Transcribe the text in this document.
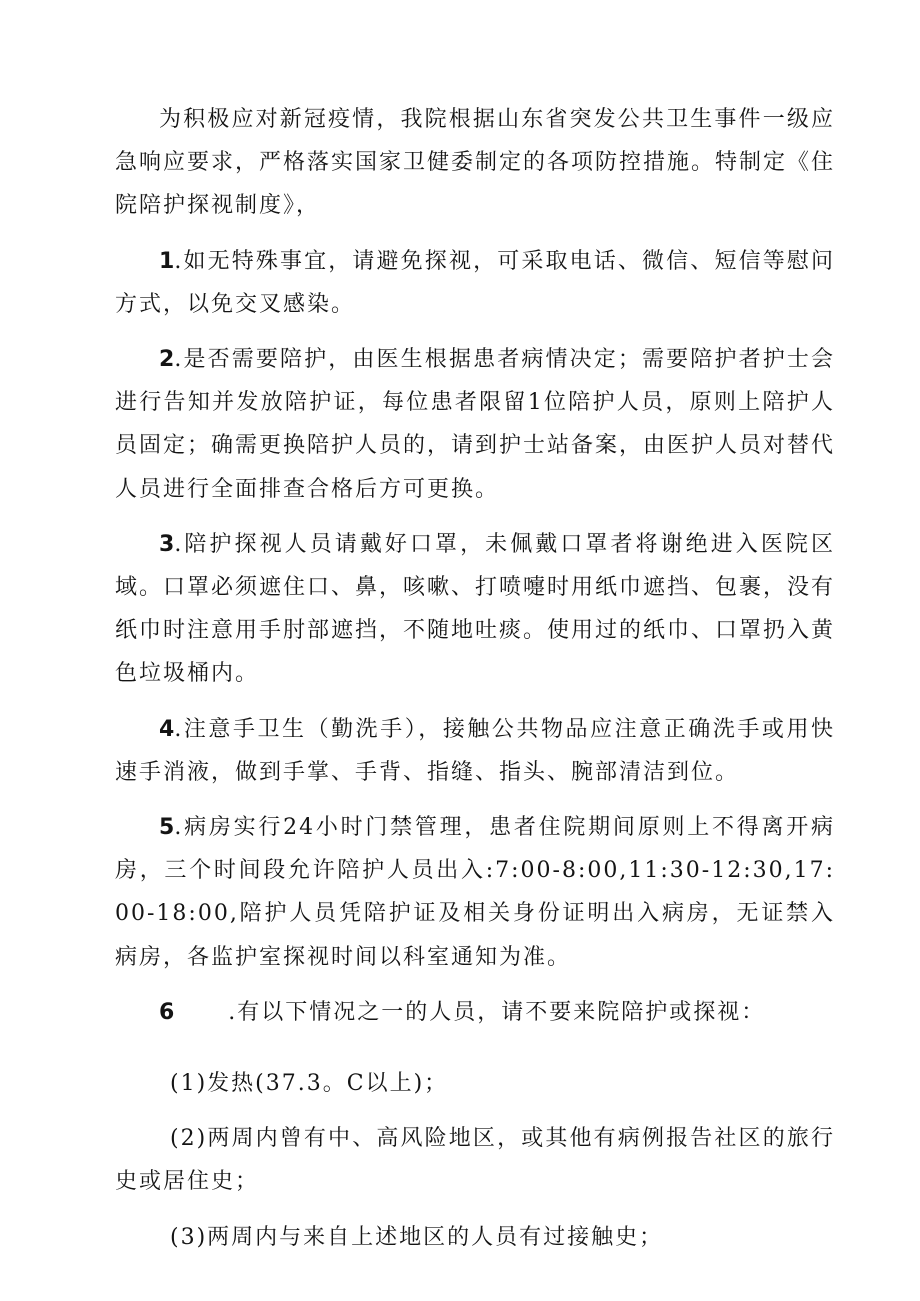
为积极应对新冠疫情，我院根据山东省突发公共卫生事件一级应急响应要求，严格落实国家卫健委制定的各项防控措施。特制定《住院陪护探视制度》，

1.如无特殊事宜，请避免探视，可采取电话、微信、短信等慰问方式，以免交叉感染。

2.是否需要陪护，由医生根据患者病情决定；需要陪护者护士会进行告知并发放陪护证，每位患者限留1位陪护人员，原则上陪护人员固定；确需更换陪护人员的，请到护士站备案，由医护人员对替代人员进行全面排查合格后方可更换。

3.陪护探视人员请戴好口罩，未佩戴口罩者将谢绝进入医院区域。口罩必须遮住口、鼻，咳嗽、打喷嚏时用纸巾遮挡、包裹，没有纸巾时注意用手肘部遮挡，不随地吐痰。使用过的纸巾、口罩扔入黄色垃圾桶内。

4.注意手卫生（勤洗手），接触公共物品应注意正确洗手或用快速手消液，做到手掌、手背、指缝、指头、腕部清洁到位。

5.病房实行24小时门禁管理，患者住院期间原则上不得离开病房，三个时间段允许陪护人员出入:7:00-8:00,11:30-12:30,17:00-18:00,陪护人员凭陪护证及相关身份证明出入病房，无证禁入病房，各监护室探视时间以科室通知为准。

6      .有以下情况之一的人员，请不要来院陪护或探视：

(1)发热(37.3。C以上)；

(2)两周内曾有中、高风险地区，或其他有病例报告社区的旅行史或居住史；

(3)两周内与来自上述地区的人员有过接触史；
